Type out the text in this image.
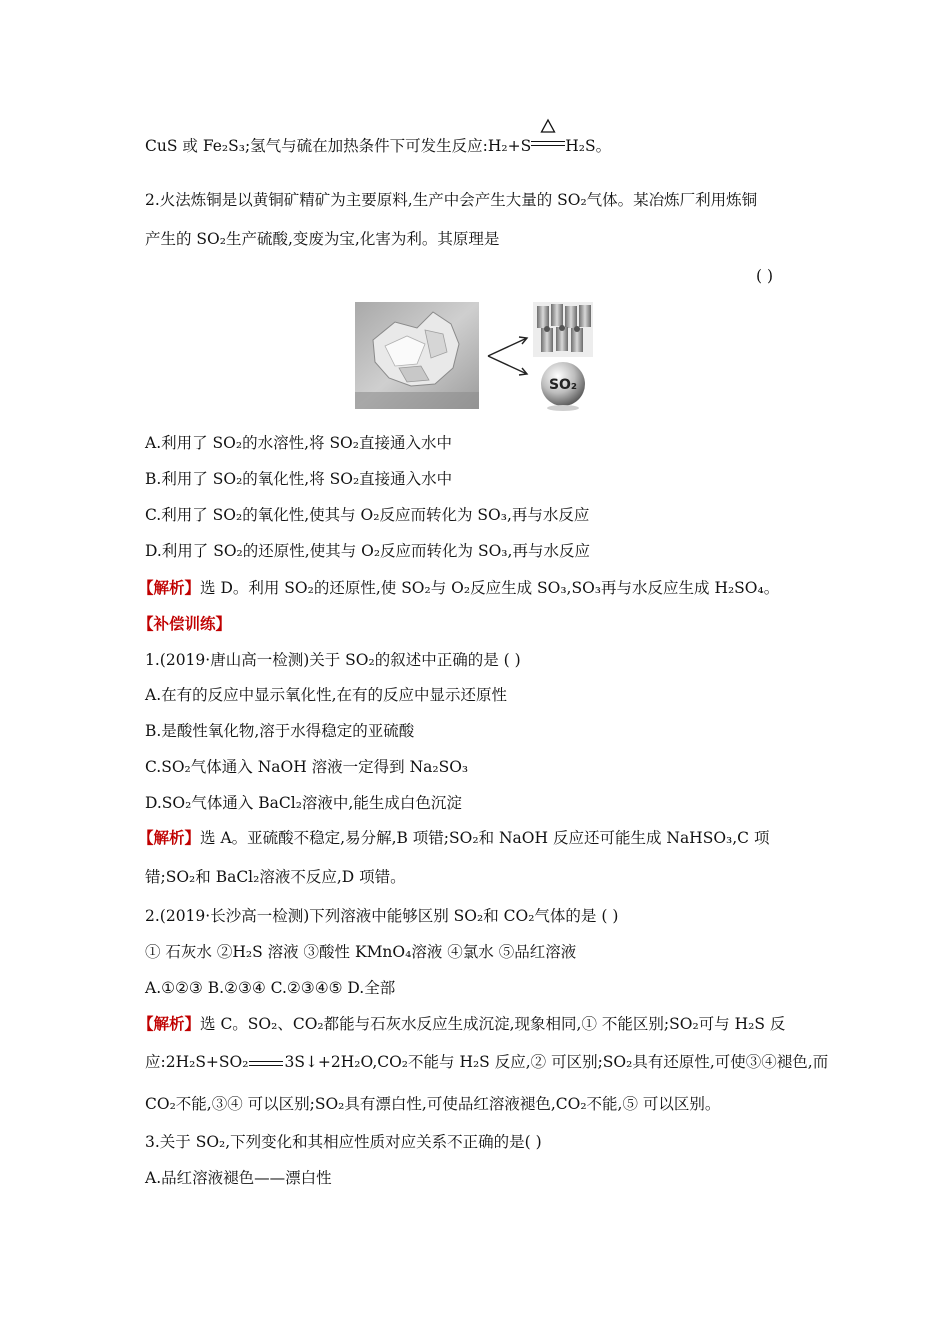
CuS 或 Fe₂S₃;氢气与硫在加热条件下可发生反应:H₂+S H₂S。
2.火法炼铜是以黄铜矿精矿为主要原料,生产中会产生大量的 SO₂气体。某冶炼厂利用炼铜
产生的 SO₂生产硫酸,变废为宝,化害为利。其原理是
( )
SO₂
A.利用了 SO₂的水溶性,将 SO₂直接通入水中
B.利用了 SO₂的氧化性,将 SO₂直接通入水中
C.利用了 SO₂的氧化性,使其与 O₂反应而转化为 SO₃,再与水反应
D.利用了 SO₂的还原性,使其与 O₂反应而转化为 SO₃,再与水反应
【解析】选 D。利用 SO₂的还原性,使 SO₂与 O₂反应生成 SO₃,SO₃再与水反应生成 H₂SO₄。
【补偿训练】
1.(2019·唐山高一检测)关于 SO₂的叙述中正确的是 ( )
A.在有的反应中显示氧化性,在有的反应中显示还原性
B.是酸性氧化物,溶于水得稳定的亚硫酸
C.SO₂气体通入 NaOH 溶液一定得到 Na₂SO₃
D.SO₂气体通入 BaCl₂溶液中,能生成白色沉淀
【解析】选 A。亚硫酸不稳定,易分解,B 项错;SO₂和 NaOH 反应还可能生成 NaHSO₃,C 项
错;SO₂和 BaCl₂溶液不反应,D 项错。
2.(2019·长沙高一检测)下列溶液中能够区别 SO₂和 CO₂气体的是 ( )
① 石灰水 ②H₂S 溶液 ③酸性 KMnO₄溶液 ④氯水 ⑤品红溶液
A.①②③ B.②③④ C.②③④⑤ D.全部
【解析】选 C。SO₂、CO₂都能与石灰水反应生成沉淀,现象相同,① 不能区别;SO₂可与 H₂S 反
应:2H₂S+SO₂ 3S↓+2H₂O,CO₂不能与 H₂S 反应,② 可区别;SO₂具有还原性,可使③④褪色,而
CO₂不能,③④ 可以区别;SO₂具有漂白性,可使品红溶液褪色,CO₂不能,⑤ 可以区别。
3.关于 SO₂,下列变化和其相应性质对应关系不正确的是( )
A.品红溶液褪色——漂白性
